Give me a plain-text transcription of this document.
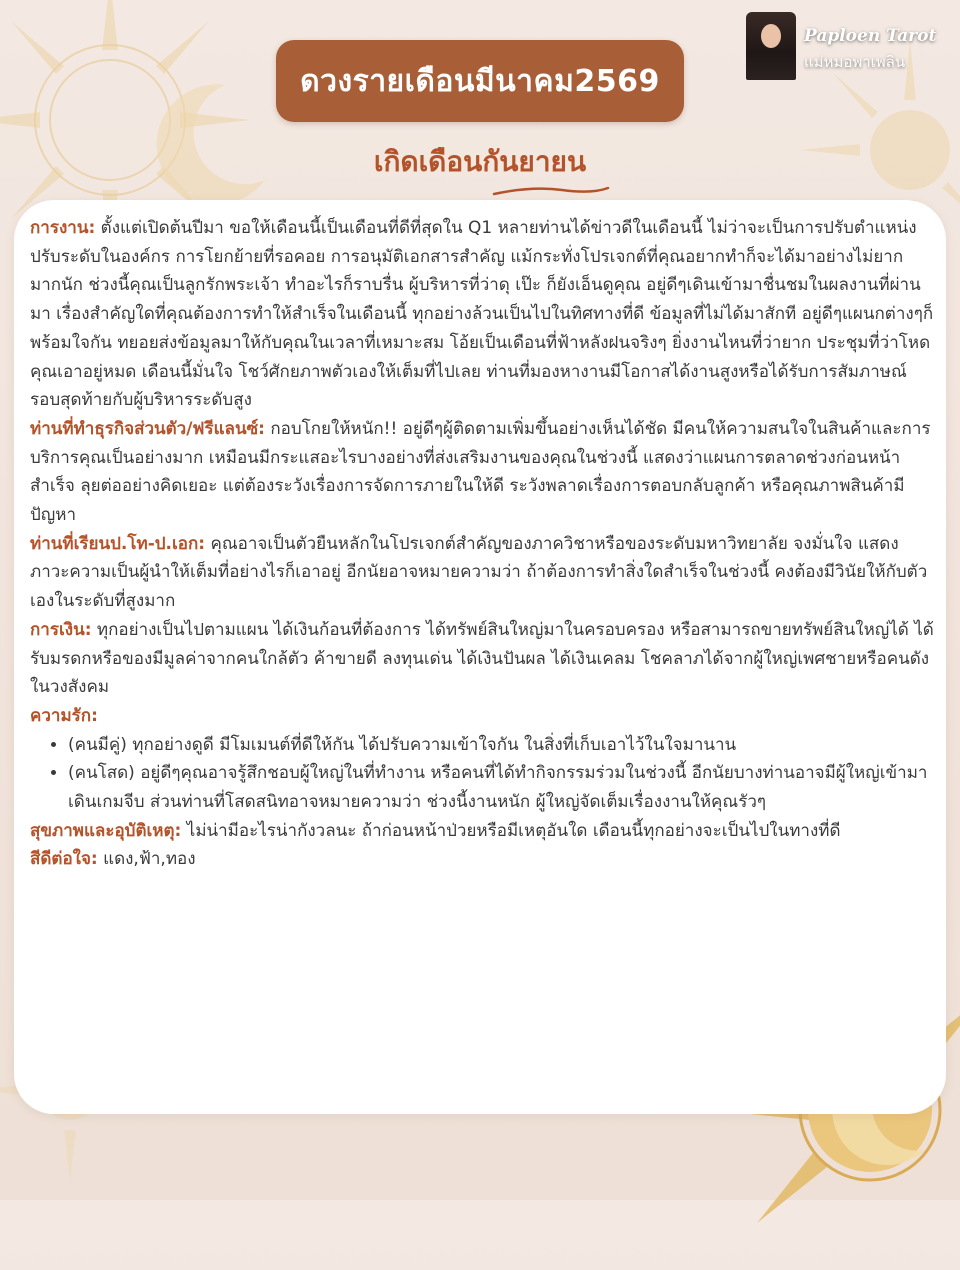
Paploen Tarot
แม่หมอพาเพลิน
ดวงรายเดือนมีนาคม2569
เกิดเดือนกันยายน

การงาน: ตั้งแต่เปิดต้นปีมา ขอให้เดือนนี้เป็นเดือนที่ดีที่สุดใน Q1 หลายท่านได้ข่าวดีในเดือนนี้ ไม่ว่าจะเป็นการปรับตำแหน่ง ปรับระดับในองค์กร การโยกย้ายที่รอคอย การอนุมัติเอกสารสำคัญ แม้กระทั่งโปรเจกต์ที่คุณอยากทำก็จะได้มาอย่างไม่ยากมากนัก ช่วงนี้คุณเป็นลูกรักพระเจ้า ทำอะไรก็ราบรื่น ผู้บริหารที่ว่าดุ เป๊ะ ก็ยังเอ็นดูคุณ อยู่ดีๆเดินเข้ามาชื่นชมในผลงานที่ผ่านมา เรื่องสำคัญใดที่คุณต้องการทำให้สำเร็จในเดือนนี้ ทุกอย่างล้วนเป็นไปในทิศทางที่ดี ข้อมูลที่ไม่ได้มาสักที อยู่ดีๆแผนกต่างๆก็พร้อมใจกัน ทยอยส่งข้อมูลมาให้กับคุณในเวลาที่เหมาะสม โอ้ยเป็นเดือนที่ฟ้าหลังฝนจริงๆ ยิ่งงานไหนที่ว่ายาก ประชุมที่ว่าโหด คุณเอาอยู่หมด เดือนนี้มั่นใจ โชว์ศักยภาพตัวเองให้เต็มที่ไปเลย ท่านที่มองหางานมีโอกาสได้งานสูงหรือได้รับการสัมภาษณ์รอบสุดท้ายกับผู้บริหารระดับสูง

ท่านที่ทำธุรกิจส่วนตัว/ฟรีแลนซ์: กอบโกยให้หนัก!! อยู่ดีๆผู้ติดตามเพิ่มขึ้นอย่างเห็นได้ชัด มีคนให้ความสนใจในสินค้าและการบริการคุณเป็นอย่างมาก เหมือนมีกระแสอะไรบางอย่างที่ส่งเสริมงานของคุณในช่วงนี้ แสดงว่าแผนการตลาดช่วงก่อนหน้าสำเร็จ ลุยต่ออย่างคิดเยอะ แต่ต้องระวังเรื่องการจัดการภายในให้ดี ระวังพลาดเรื่องการตอบกลับลูกค้า หรือคุณภาพสินค้ามีปัญหา

ท่านที่เรียนป.โท-ป.เอก: คุณอาจเป็นตัวยืนหลักในโปรเจกต์สำคัญของภาควิชาหรือของระดับมหาวิทยาลัย จงมั่นใจ แสดงภาวะความเป็นผู้นำให้เต็มที่อย่างไรก็เอาอยู่ อีกนัยอาจหมายความว่า ถ้าต้องการทำสิ่งใดสำเร็จในช่วงนี้ คงต้องมีวินัยให้กับตัวเองในระดับที่สูงมาก

การเงิน: ทุกอย่างเป็นไปตามแผน ได้เงินก้อนที่ต้องการ ได้ทรัพย์สินใหญ่มาในครอบครอง หรือสามารถขายทรัพย์สินใหญ่ได้ ได้รับมรดกหรือของมีมูลค่าจากคนใกล้ตัว ค้าขายดี ลงทุนเด่น ได้เงินปันผล ได้เงินเคลม โชคลาภได้จากผู้ใหญ่เพศชายหรือคนดังในวงสังคม

ความรัก:
• (คนมีคู่) ทุกอย่างดูดี มีโมเมนต์ที่ดีให้กัน ได้ปรับความเข้าใจกัน ในสิ่งที่เก็บเอาไว้ในใจมานาน
• (คนโสด) อยู่ดีๆคุณอาจรู้สึกชอบผู้ใหญ่ในที่ทำงาน หรือคนที่ได้ทำกิจกรรมร่วมในช่วงนี้ อีกนัยบางท่านอาจมีผู้ใหญ่เข้ามาเดินเกมจีบ ส่วนท่านที่โสดสนิทอาจหมายความว่า ช่วงนี้งานหนัก ผู้ใหญ่จัดเต็มเรื่องงานให้คุณรัวๆ

สุขภาพและอุบัติเหตุ: ไม่น่ามีอะไรน่ากังวลนะ ถ้าก่อนหน้าป่วยหรือมีเหตุอันใด เดือนนี้ทุกอย่างจะเป็นไปในทางที่ดี

สีดีต่อใจ: แดง,ฟ้า,ทอง
